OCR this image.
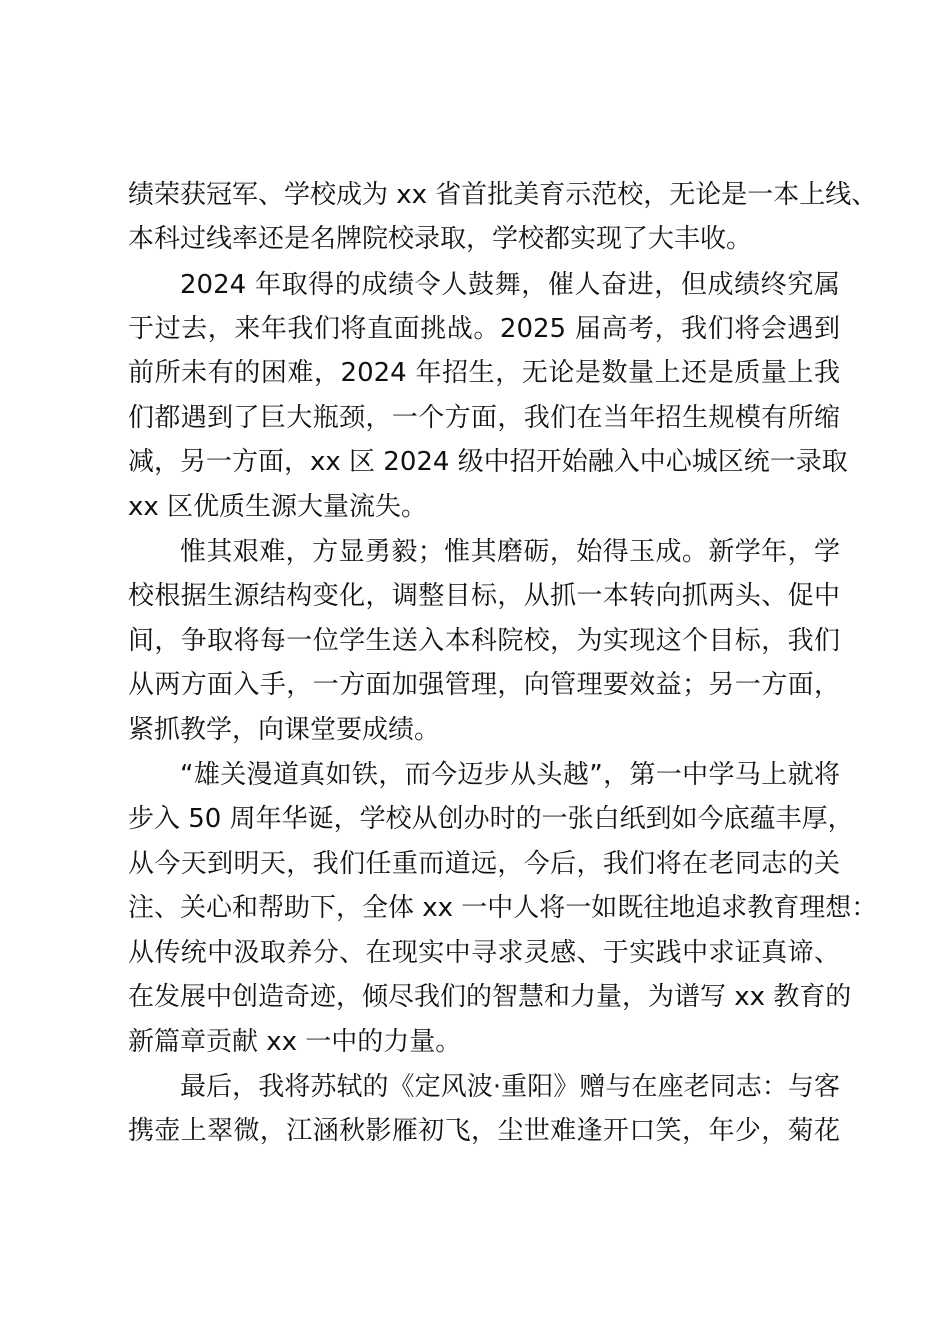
绩荣获冠军、学校成为 xx 省首批美育示范校，无论是一本上线、
本科过线率还是名牌院校录取，学校都实现了大丰收。
2024 年取得的成绩令人鼓舞，催人奋进，但成绩终究属
于过去，来年我们将直面挑战。2025 届高考，我们将会遇到
前所未有的困难，2024 年招生，无论是数量上还是质量上我
们都遇到了巨大瓶颈，一个方面，我们在当年招生规模有所缩
减，另一方面，xx 区 2024 级中招开始融入中心城区统一录取
xx 区优质生源大量流失。
惟其艰难，方显勇毅；惟其磨砺，始得玉成。新学年，学
校根据生源结构变化，调整目标，从抓一本转向抓两头、促中
间，争取将每一位学生送入本科院校，为实现这个目标，我们
从两方面入手，一方面加强管理，向管理要效益；另一方面，
紧抓教学，向课堂要成绩。
“雄关漫道真如铁，而今迈步从头越”，第一中学马上就将
步入 50 周年华诞，学校从创办时的一张白纸到如今底蕴丰厚，
从今天到明天，我们任重而道远，今后，我们将在老同志的关
注、关心和帮助下，全体 xx 一中人将一如既往地追求教育理想：
从传统中汲取养分、在现实中寻求灵感、于实践中求证真谛、
在发展中创造奇迹，倾尽我们的智慧和力量，为谱写 xx 教育的
新篇章贡献 xx 一中的力量。
最后，我将苏轼的《定风波·重阳》赠与在座老同志：与客
携壶上翠微，江涵秋影雁初飞，尘世难逢开口笑，年少，菊花
